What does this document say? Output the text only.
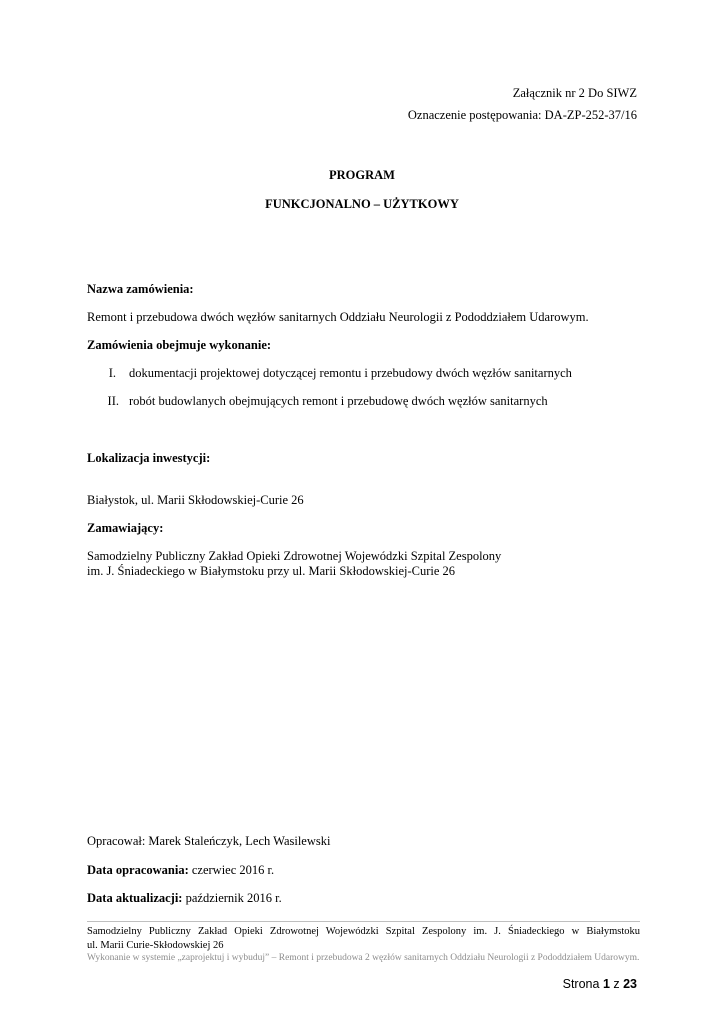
Załącznik nr 2 Do SIWZ
Oznaczenie postępowania: DA-ZP-252-37/16
PROGRAM
FUNKCJONALNO – UŻYTKOWY
Nazwa zamówienia:
Remont i przebudowa dwóch węzłów sanitarnych Oddziału Neurologii z Pododdziałem Udarowym.
Zamówienia obejmuje wykonanie:
I. dokumentacji projektowej dotyczącej remontu i przebudowy dwóch węzłów sanitarnych
II. robót budowlanych obejmujących remont i przebudowę dwóch węzłów sanitarnych
Lokalizacja inwestycji:
Białystok, ul. Marii Skłodowskiej-Curie 26
Zamawiający:
Samodzielny Publiczny Zakład Opieki Zdrowotnej Wojewódzki Szpital Zespolony
im. J. Śniadeckiego w Białymstoku przy ul. Marii Skłodowskiej-Curie 26
Opracował: Marek Staleńczyk, Lech Wasilewski
Data opracowania: czerwiec 2016 r.
Data aktualizacji: październik 2016 r.
Samodzielny Publiczny Zakład Opieki Zdrowotnej Wojewódzki Szpital Zespolony im. J. Śniadeckiego w Białymstoku
ul. Marii Curie-Skłodowskiej 26
Wykonanie w systemie „zaprojektuj i wybuduj” – Remont i przebudowa 2 węzłów sanitarnych Oddziału Neurologii z Pododdziałem Udarowym.
Strona 1 z 23
